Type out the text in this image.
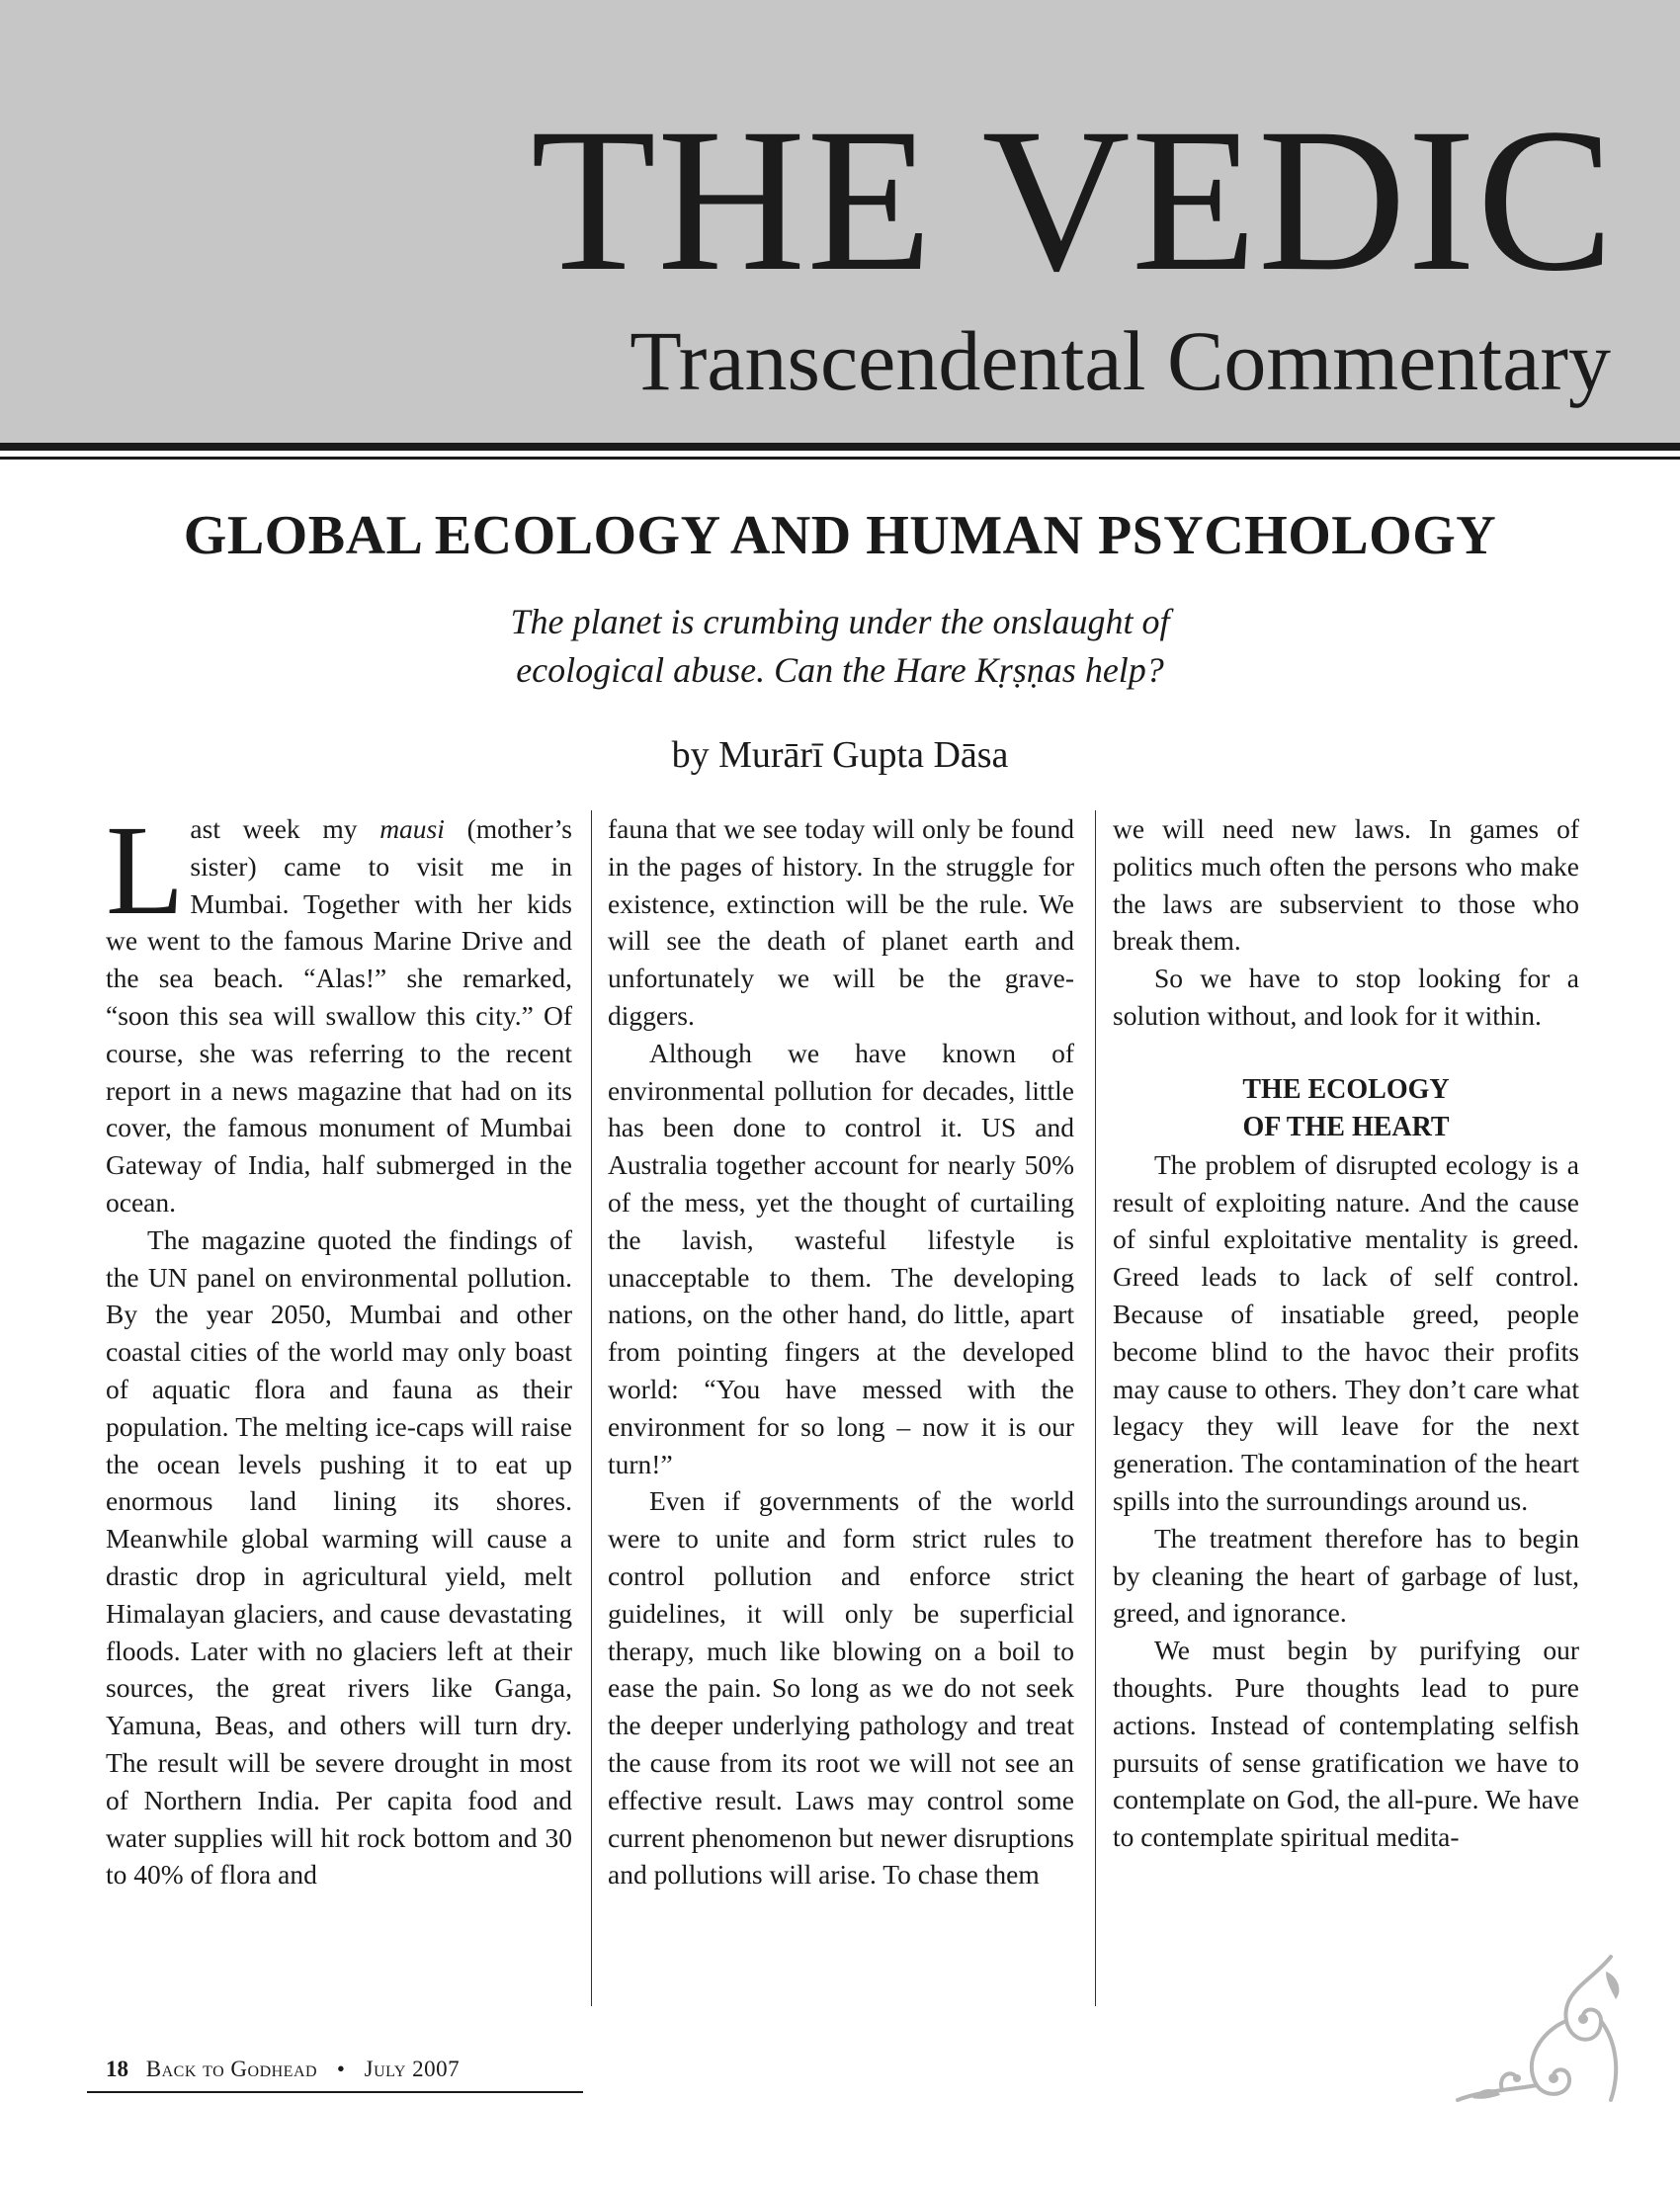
THE VEDIC
Transcendental Commentary
GLOBAL ECOLOGY AND HUMAN PSYCHOLOGY
The planet is crumbing under the onslaught of
ecological abuse. Can the Hare Kṛṣṇas help?
by Murārī Gupta Dāsa

Last week my mausi (mother’s sister) came to visit me in Mumbai. Together with her kids we went to the famous Marine Drive and the sea beach. “Alas!” she remarked, “soon this sea will swallow this city.” Of course, she was referring to the recent report in a news magazine that had on its cover, the famous monument of Mumbai Gateway of India, half submerged in the ocean.

The magazine quoted the findings of the UN panel on environmental pollution. By the year 2050, Mumbai and other coastal cities of the world may only boast of aquatic flora and fauna as their population. The melting ice-caps will raise the ocean levels pushing it to eat up enormous land lining its shores. Meanwhile global warming will cause a drastic drop in agricultural yield, melt Himalayan glaciers, and cause devastating floods. Later with no glaciers left at their sources, the great rivers like Ganga, Yamuna, Beas, and others will turn dry. The result will be severe drought in most of Northern India. Per capita food and water supplies will hit rock bottom and 30 to 40% of flora and

fauna that we see today will only be found in the pages of history. In the struggle for existence, extinction will be the rule. We will see the death of planet earth and unfortunately we will be the grave-diggers.

Although we have known of environmental pollution for decades, little has been done to control it. US and Australia together account for nearly 50% of the mess, yet the thought of curtailing the lavish, wasteful lifestyle is unacceptable to them. The developing nations, on the other hand, do little, apart from pointing fingers at the developed world: “You have messed with the environment for so long – now it is our turn!”

Even if governments of the world were to unite and form strict rules to control pollution and enforce strict guidelines, it will only be superficial therapy, much like blowing on a boil to ease the pain. So long as we do not seek the deeper underlying pathology and treat the cause from its root we will not see an effective result. Laws may control some current phenomenon but newer disruptions and pollutions will arise. To chase them

we will need new laws. In games of politics much often the persons who make the laws are subservient to those who break them.

So we have to stop looking for a solution without, and look for it within.

THE ECOLOGY
OF THE HEART

The problem of disrupted ecology is a result of exploiting nature. And the cause of sinful exploitative mentality is greed. Greed leads to lack of self control. Because of insatiable greed, people become blind to the havoc their profits may cause to others. They don’t care what legacy they will leave for the next generation. The contamination of the heart spills into the surroundings around us.

The treatment therefore has to begin by cleaning the heart of garbage of lust, greed, and ignorance.

We must begin by purifying our thoughts. Pure thoughts lead to pure actions. Instead of contemplating selfish pursuits of sense gratification we have to contemplate on God, the all-pure. We have to contemplate spiritual medita-

18 Back to Godhead • July 2007
